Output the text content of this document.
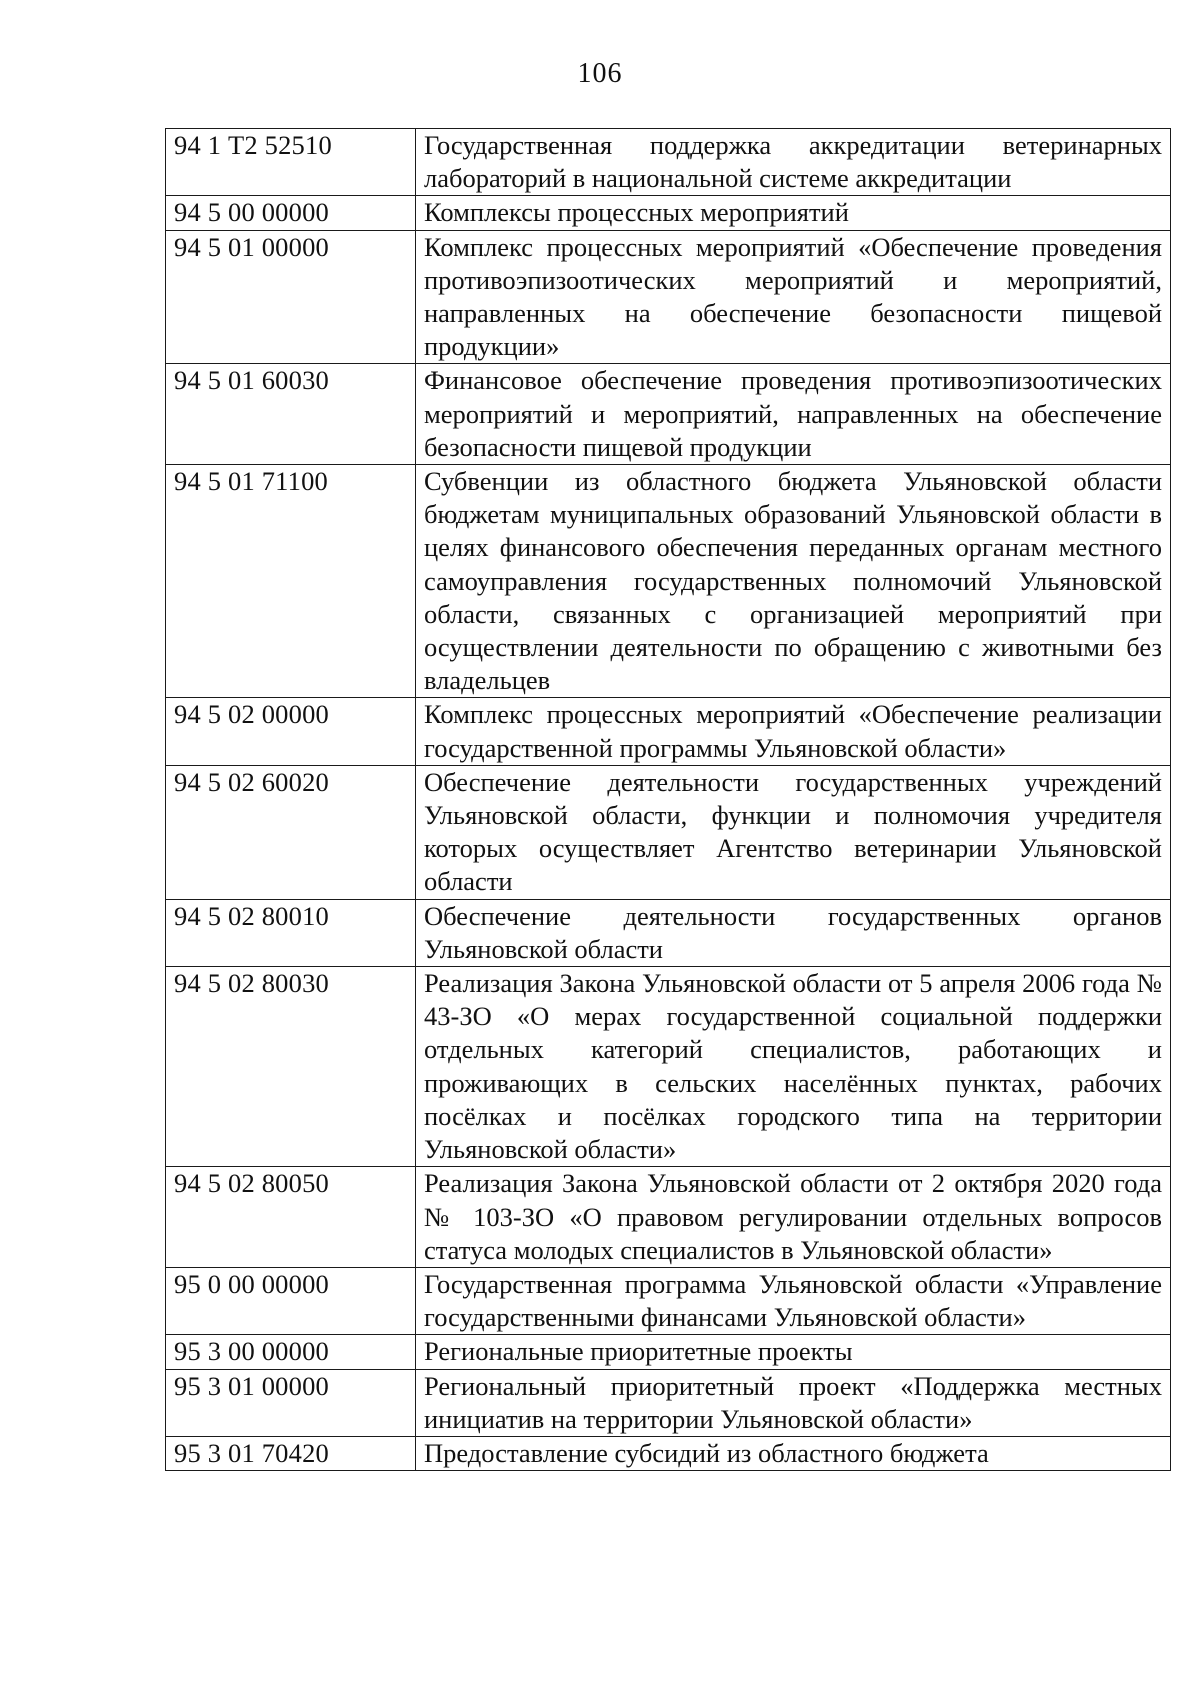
106
94 1 Т2 52510	Государственная поддержка аккредитации ветеринарных лабораторий в национальной системе аккредитации
94 5 00 00000	Комплексы процессных мероприятий
94 5 01 00000	Комплекс процессных мероприятий «Обеспечение проведения противоэпизоотических мероприятий и мероприятий, направленных на обеспечение безопасности пищевой продукции»
94 5 01 60030	Финансовое обеспечение проведения противоэпизоотических мероприятий и мероприятий, направленных на обеспечение безопасности пищевой продукции
94 5 01 71100	Субвенции из областного бюджета Ульяновской области бюджетам муниципальных образований Ульяновской области в целях финансового обеспечения переданных органам местного самоуправления государственных полномочий Ульяновской области, связанных с организацией мероприятий при осуществлении деятельности по обращению с животными без владельцев
94 5 02 00000	Комплекс процессных мероприятий «Обеспечение реализации государственной программы Ульяновской области»
94 5 02 60020	Обеспечение деятельности государственных учреждений Ульяновской области, функции и полномочия учредителя которых осуществляет Агентство ветеринарии Ульяновской области
94 5 02 80010	Обеспечение деятельности государственных органов Ульяновской области
94 5 02 80030	Реализация Закона Ульяновской области от 5 апреля 2006 года № 43-ЗО «О мерах государственной социальной поддержки отдельных категорий специалистов, работающих и проживающих в сельских населённых пунктах, рабочих посёлках и посёлках городского типа на территории Ульяновской области»
94 5 02 80050	Реализация Закона Ульяновской области от 2 октября 2020 года № 103-ЗО «О правовом регулировании отдельных вопросов статуса молодых специалистов в Ульяновской области»
95 0 00 00000	Государственная программа Ульяновской области «Управление государственными финансами Ульяновской области»
95 3 00 00000	Региональные приоритетные проекты
95 3 01 00000	Региональный приоритетный проект «Поддержка местных инициатив на территории Ульяновской области»
95 3 01 70420	Предоставление субсидий из областного бюджета
